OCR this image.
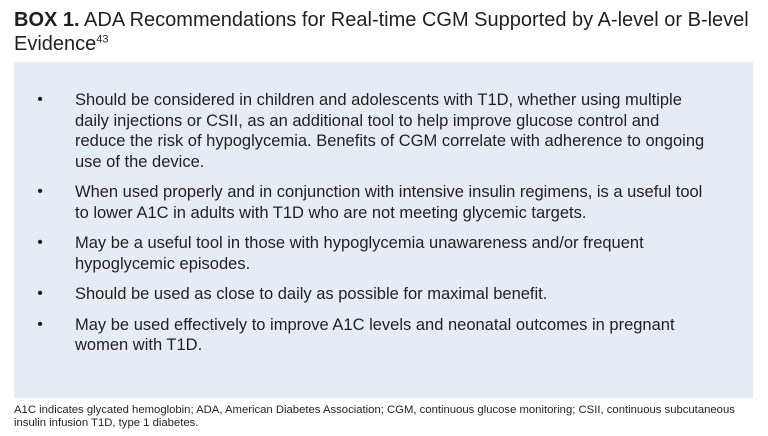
BOX 1. ADA Recommendations for Real-time CGM Supported by A-level or B-level Evidence$^{43}$
• Should be considered in children and adolescents with T1D, whether using multiple daily injections or CSII, as an additional tool to help improve glucose control and reduce the risk of hypoglycemia. Benefits of CGM correlate with adherence to ongoing use of the device.
• When used properly and in conjunction with intensive insulin regimens, is a useful tool to lower A1C in adults with T1D who are not meeting glycemic targets.
• May be a useful tool in those with hypoglycemia unawareness and/or frequent hypoglycemic episodes.
• Should be used as close to daily as possible for maximal benefit.
• May be used effectively to improve A1C levels and neonatal outcomes in pregnant women with T1D.

A1C indicates glycated hemoglobin; ADA, American Diabetes Association; CGM, continuous glucose monitoring; CSII, continuous subcutaneous insulin infusion T1D, type 1 diabetes.
